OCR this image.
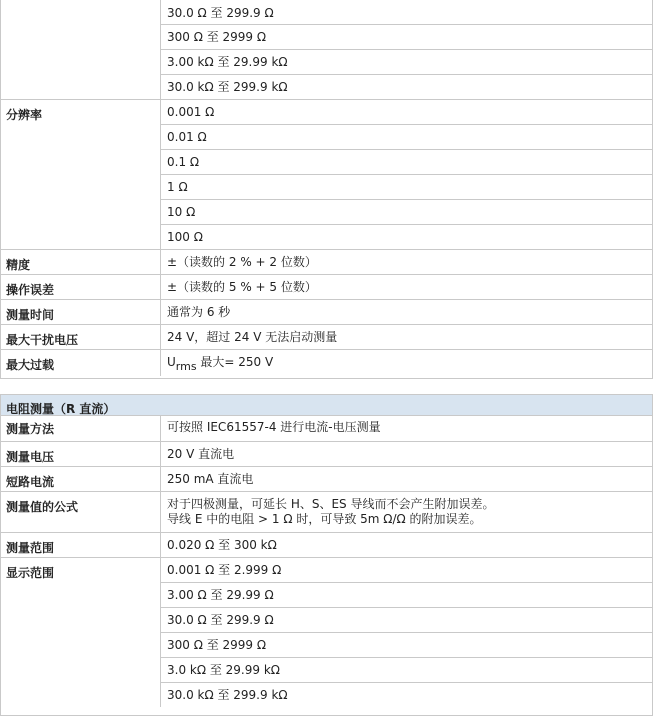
30.0 Ω 至 299.9 Ω
300 Ω 至 2999 Ω
3.00 kΩ 至 29.99 kΩ
30.0 kΩ 至 299.9 kΩ
分辨率	0.001 Ω
0.01 Ω
0.1 Ω
1 Ω
10 Ω
100 Ω
精度	±（读数的 2 % + 2 位数）
操作误差	±（读数的 5 % + 5 位数）
测量时间	通常为 6 秒
最大干扰电压	24 V，超过 24 V 无法启动测量
最大过载	$U_{rms}$ 最大= 250 V
电阻测量（R 直流）
测量方法	可按照 IEC61557-4 进行电流-电压测量
测量电压	20 V 直流电
短路电流	250 mA 直流电
测量值的公式	对于四极测量，可延长 H、S、ES 导线而不会产生附加误差。
导线 E 中的电阻 > 1 Ω 时，可导致 5m Ω/Ω 的附加误差。
测量范围	0.020 Ω 至 300 kΩ
显示范围	0.001 Ω 至 2.999 Ω
3.00 Ω 至 29.99 Ω
30.0 Ω 至 299.9 Ω
300 Ω 至 2999 Ω
3.0 kΩ 至 29.99 kΩ
30.0 kΩ 至 299.9 kΩ
